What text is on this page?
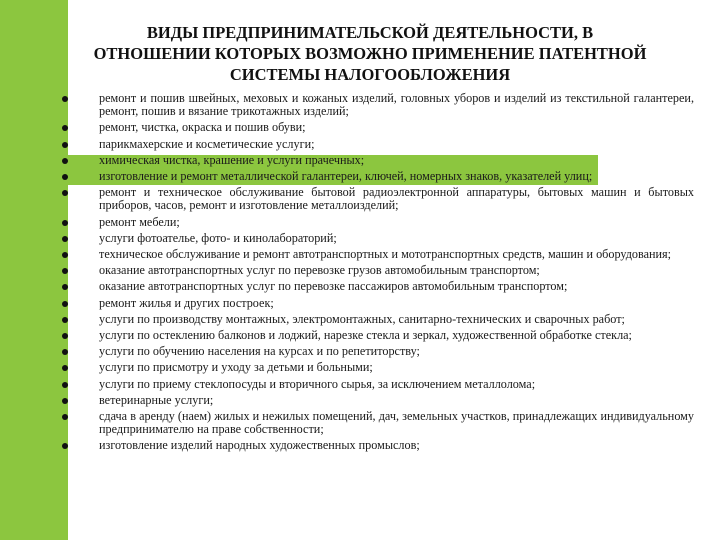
ВИДЫ ПРЕДПРИНИМАТЕЛЬСКОЙ ДЕЯТЕЛЬНОСТИ, В ОТНОШЕНИИ КОТОРЫХ ВОЗМОЖНО ПРИМЕНЕНИЕ ПАТЕНТНОЙ СИСТЕМЫ НАЛОГООБЛОЖЕНИЯ
ремонт и пошив швейных, меховых и кожаных изделий, головных уборов и изделий из текстильной галантереи, ремонт, пошив и вязание трикотажных изделий;
ремонт, чистка, окраска и пошив обуви;
парикмахерские и косметические услуги;
химическая чистка, крашение и услуги прачечных;
изготовление и ремонт металлической галантереи, ключей, номерных знаков, указателей улиц;
ремонт и техническое обслуживание бытовой радиоэлектронной аппаратуры, бытовых машин и бытовых приборов, часов, ремонт и изготовление металлоизделий;
ремонт мебели;
услуги фотоателье, фото- и кинолабораторий;
техническое обслуживание и ремонт автотранспортных и мототранспортных средств, машин и оборудования;
оказание автотранспортных услуг по перевозке грузов автомобильным транспортом;
оказание автотранспортных услуг по перевозке пассажиров автомобильным транспортом;
ремонт жилья и других построек;
услуги по производству монтажных, электромонтажных, санитарно-технических и сварочных работ;
услуги по остеклению балконов и лоджий, нарезке стекла и зеркал, художественной обработке стекла;
услуги по обучению населения на курсах и по репетиторству;
услуги по присмотру и уходу за детьми и больными;
услуги по приему стеклопосуды и вторичного сырья, за исключением металлолома;
ветеринарные услуги;
сдача в аренду (наем) жилых и нежилых помещений, дач, земельных участков, принадлежащих индивидуальному предпринимателю на праве собственности;
изготовление изделий народных художественных промыслов;
